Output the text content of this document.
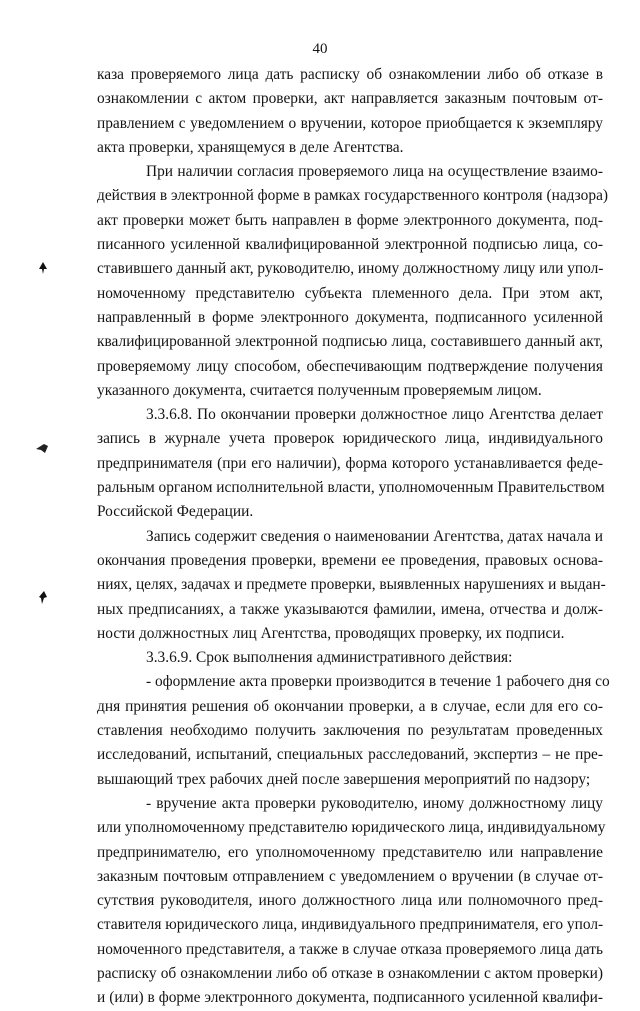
40
каза проверяемого лица дать расписку об ознакомлении либо об отказе в
ознакомлении с актом проверки, акт направляется заказным почтовым от-
правлением с уведомлением о вручении, которое приобщается к экземпляру
акта проверки, хранящемуся в деле Агентства.
При наличии согласия проверяемого лица на осуществление взаимо-
действия в электронной форме в рамках государственного контроля (надзора)
акт проверки может быть направлен в форме электронного документа, под-
писанного усиленной квалифицированной электронной подписью лица, со-
ставившего данный акт, руководителю, иному должностному лицу или упол-
номоченному представителю субъекта племенного дела. При этом акт,
направленный в форме электронного документа, подписанного усиленной
квалифицированной электронной подписью лица, составившего данный акт,
проверяемому лицу способом, обеспечивающим подтверждение получения
указанного документа, считается полученным проверяемым лицом.
3.3.6.8. По окончании проверки должностное лицо Агентства делает
запись в журнале учета проверок юридического лица, индивидуального
предпринимателя (при его наличии), форма которого устанавливается феде-
ральным органом исполнительной власти, уполномоченным Правительством
Российской Федерации.
Запись содержит сведения о наименовании Агентства, датах начала и
окончания проведения проверки, времени ее проведения, правовых основа-
ниях, целях, задачах и предмете проверки, выявленных нарушениях и выдан-
ных предписаниях, а также указываются фамилии, имена, отчества и долж-
ности должностных лиц Агентства, проводящих проверку, их подписи.
3.3.6.9. Срок выполнения административного действия:
- оформление акта проверки производится в течение 1 рабочего дня со
дня принятия решения об окончании проверки, а в случае, если для его со-
ставления необходимо получить заключения по результатам проведенных
исследований, испытаний, специальных расследований, экспертиз – не пре-
вышающий трех рабочих дней после завершения мероприятий по надзору;
- вручение акта проверки руководителю, иному должностному лицу
или уполномоченному представителю юридического лица, индивидуальному
предпринимателю, его уполномоченному представителю или направление
заказным почтовым отправлением с уведомлением о вручении (в случае от-
сутствия руководителя, иного должностного лица или полномочного пред-
ставителя юридического лица, индивидуального предпринимателя, его упол-
номоченного представителя, а также в случае отказа проверяемого лица дать
расписку об ознакомлении либо об отказе в ознакомлении с актом проверки)
и (или) в форме электронного документа, подписанного усиленной квалифи-
